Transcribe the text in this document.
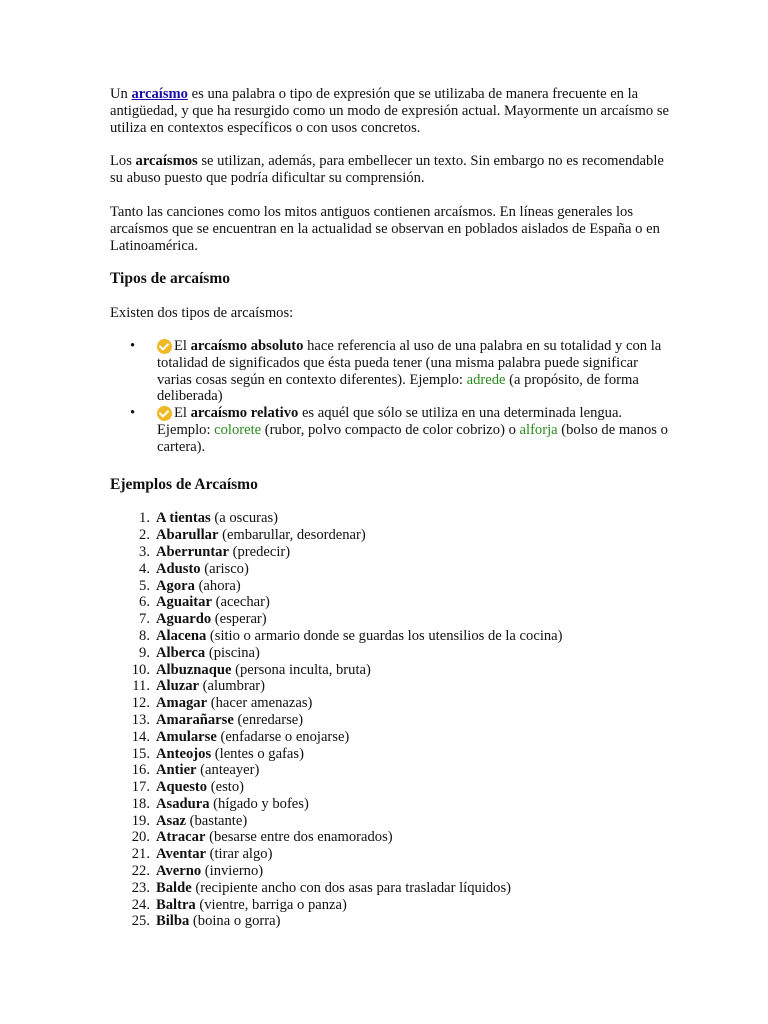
Un arcaísmo es una palabra o tipo de expresión que se utilizaba de manera frecuente en la antigüedad, y que ha resurgido como un modo de expresión actual. Mayormente un arcaísmo se utiliza en contextos específicos o con usos concretos.

Los arcaísmos se utilizan, además, para embellecer un texto. Sin embargo no es recomendable su abuso puesto que podría dificultar su comprensión.

Tanto las canciones como los mitos antiguos contienen arcaísmos. En líneas generales los arcaísmos que se encuentran en la actualidad se observan en poblados aislados de España o en Latinoamérica.

Tipos de arcaísmo

Existen dos tipos de arcaísmos:

•	El arcaísmo absoluto hace referencia al uso de una palabra en su totalidad y con la totalidad de significados que ésta pueda tener (una misma palabra puede significar varias cosas según en contexto diferentes). Ejemplo: adrede (a propósito, de forma deliberada)
•	El arcaísmo relativo es aquél que sólo se utiliza en una determinada lengua. Ejemplo: colorete (rubor, polvo compacto de color cobrizo) o alforja (bolso de manos o cartera).
Ejemplos de Arcaísmo
1. A tientas (a oscuras)
2. Abarullar (embarullar, desordenar)
3. Aberruntar (predecir)
4. Adusto (arisco)
5. Agora (ahora)
6. Aguaitar (acechar)
7. Aguardo (esperar)
8. Alacena (sitio o armario donde se guardas los utensilios de la cocina)
9. Alberca (piscina)
10. Albuznaque (persona inculta, bruta)
11. Aluzar (alumbrar)
12. Amagar (hacer amenazas)
13. Amarañarse (enredarse)
14. Amularse (enfadarse o enojarse)
15. Anteojos (lentes o gafas)
16. Antier (anteayer)
17. Aquesto (esto)
18. Asadura (hígado y bofes)
19. Asaz (bastante)
20. Atracar (besarse entre dos enamorados)
21. Aventar (tirar algo)
22. Averno (invierno)
23. Balde (recipiente ancho con dos asas para trasladar líquidos)
24. Baltra (vientre, barriga o panza)
25. Bilba (boina o gorra)
